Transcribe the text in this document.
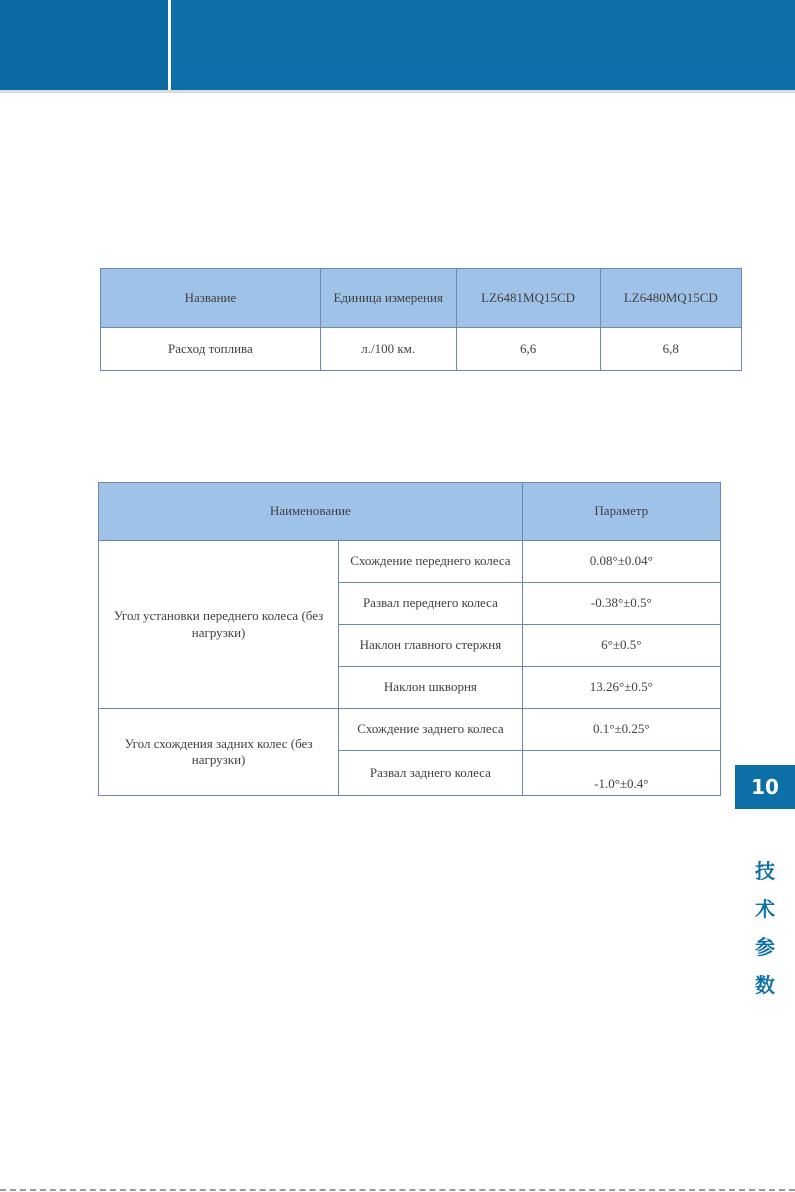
Название	Единица измерения	LZ6481MQ15CD	LZ6480MQ15CD
Расход топлива	л./100 км.	6,6	6,8
Наименование		Параметр
Угол установки переднего колеса (без нагрузки)	Схождение переднего колеса	0.08°±0.04°
	Развал переднего колеса	-0.38°±0.5°
	Наклон главного стержня	6°±0.5°
	Наклон шкворня	13.26°±0.5°
Угол схождения задних колес (без нагрузки)	Схождение заднего колеса	0.1°±0.25°
	Развал заднего колеса	-1.0°±0.4°	10
技
术
参
数
